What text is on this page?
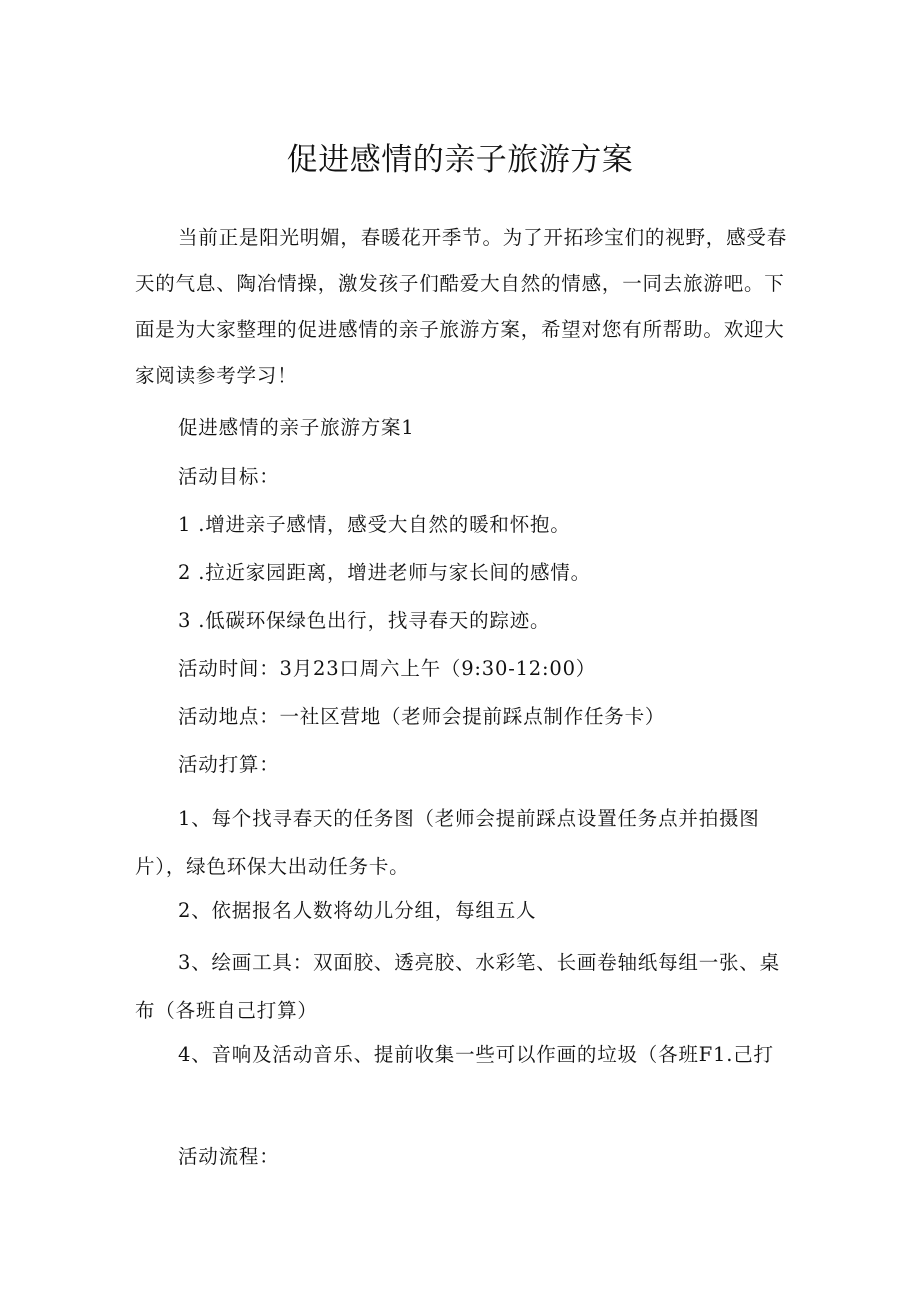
促进感情的亲子旅游方案

当前正是阳光明媚，春暖花开季节。为了开拓珍宝们的视野，感受春天的气息、陶冶情操，激发孩子们酷爱大自然的情感，一同去旅游吧。下面是为大家整理的促进感情的亲子旅游方案，希望对您有所帮助。欢迎大家阅读参考学习！

促进感情的亲子旅游方案1

活动目标：

1 .增进亲子感情，感受大自然的暖和怀抱。

2 .拉近家园距离，增进老师与家长间的感情。

3 .低碳环保绿色出行，找寻春天的踪迹。

活动时间：3月23口周六上午（9:30-12:00）

活动地点：一社区营地（老师会提前踩点制作任务卡）

活动打算：

1、每个找寻春天的任务图（老师会提前踩点设置任务点并拍摄图片），绿色环保大出动任务卡。

2、依据报名人数将幼儿分组，每组五人

3、绘画工具：双面胶、透亮胶、水彩笔、长画卷轴纸每组一张、桌布（各班自己打算）

4、音响及活动音乐、提前收集一些可以作画的垃圾（各班F1.己打

活动流程：
